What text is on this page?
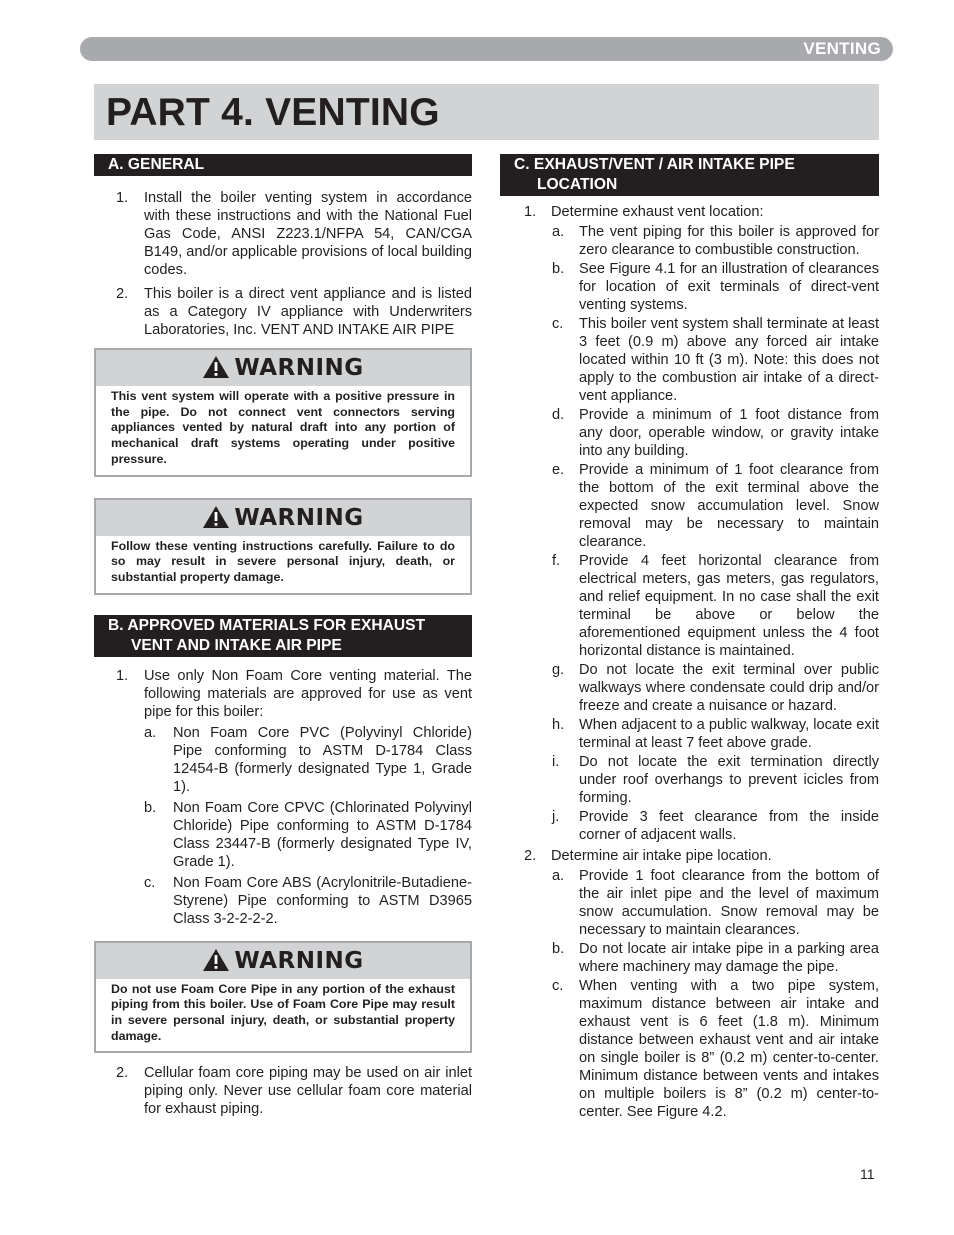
VENTING
PART 4. VENTING
A. GENERAL
1. Install the boiler venting system in accordance with these instructions and with the National Fuel Gas Code, ANSI Z223.1/NFPA 54, CAN/CGA B149, and/or applicable provisions of local building codes.
2. This boiler is a direct vent appliance and is listed as a Category IV appliance with Underwriters Laboratories, Inc. VENT AND INTAKE AIR PIPE
WARNING
This vent system will operate with a positive pressure in the pipe. Do not connect vent connectors serving appliances vented by natural draft into any portion of mechanical draft systems operating under positive pressure.
WARNING
Follow these venting instructions carefully. Failure to do so may result in severe personal injury, death, or substantial property damage.
B. APPROVED MATERIALS FOR EXHAUST VENT AND INTAKE AIR PIPE
1. Use only Non Foam Core venting material. The following materials are approved for use as vent pipe for this boiler:
a. Non Foam Core PVC (Polyvinyl Chloride) Pipe conforming to ASTM D-1784 Class 12454-B (formerly designated Type 1, Grade 1).
b. Non Foam Core CPVC (Chlorinated Polyvinyl Chloride) Pipe conforming to ASTM D-1784 Class 23447-B (formerly designated Type IV, Grade 1).
c. Non Foam Core ABS (Acrylonitrile-Butadiene- Styrene) Pipe conforming to ASTM D3965 Class 3-2-2-2-2.
WARNING
Do not use Foam Core Pipe in any portion of the exhaust piping from this boiler. Use of Foam Core Pipe may result in severe personal injury, death, or substantial property damage.
2. Cellular foam core piping may be used on air inlet piping only. Never use cellular foam core material for exhaust piping.
C. EXHAUST/VENT / AIR INTAKE PIPE LOCATION
1. Determine exhaust vent location:
a. The vent piping for this boiler is approved for zero clearance to combustible construction.
b. See Figure 4.1 for an illustration of clearances for location of exit terminals of direct-vent venting systems.
c. This boiler vent system shall terminate at least 3 feet (0.9 m) above any forced air intake located within 10 ft (3 m). Note: this does not apply to the combustion air intake of a direct-vent appliance.
d. Provide a minimum of 1 foot distance from any door, operable window, or gravity intake into any building.
e. Provide a minimum of 1 foot clearance from the bottom of the exit terminal above the expected snow accumulation level. Snow removal may be necessary to maintain clearance.
f. Provide 4 feet horizontal clearance from electrical meters, gas meters, gas regulators, and relief equipment. In no case shall the exit terminal be above or below the aforementioned equipment unless the 4 foot horizontal distance is maintained.
g. Do not locate the exit terminal over public walkways where condensate could drip and/or freeze and create a nuisance or hazard.
h. When adjacent to a public walkway, locate exit terminal at least 7 feet above grade.
i. Do not locate the exit termination directly under roof overhangs to prevent icicles from forming.
j. Provide 3 feet clearance from the inside corner of adjacent walls.
2. Determine air intake pipe location.
a. Provide 1 foot clearance from the bottom of the air inlet pipe and the level of maximum snow accumulation. Snow removal may be necessary to maintain clearances.
b. Do not locate air intake pipe in a parking area where machinery may damage the pipe.
c. When venting with a two pipe system, maximum distance between air intake and exhaust vent is 6 feet (1.8 m). Minimum distance between exhaust vent and air intake on single boiler is 8” (0.2 m) center-to-center. Minimum distance between vents and intakes on multiple boilers is 8” (0.2 m) center-to-center. See Figure 4.2.
11
